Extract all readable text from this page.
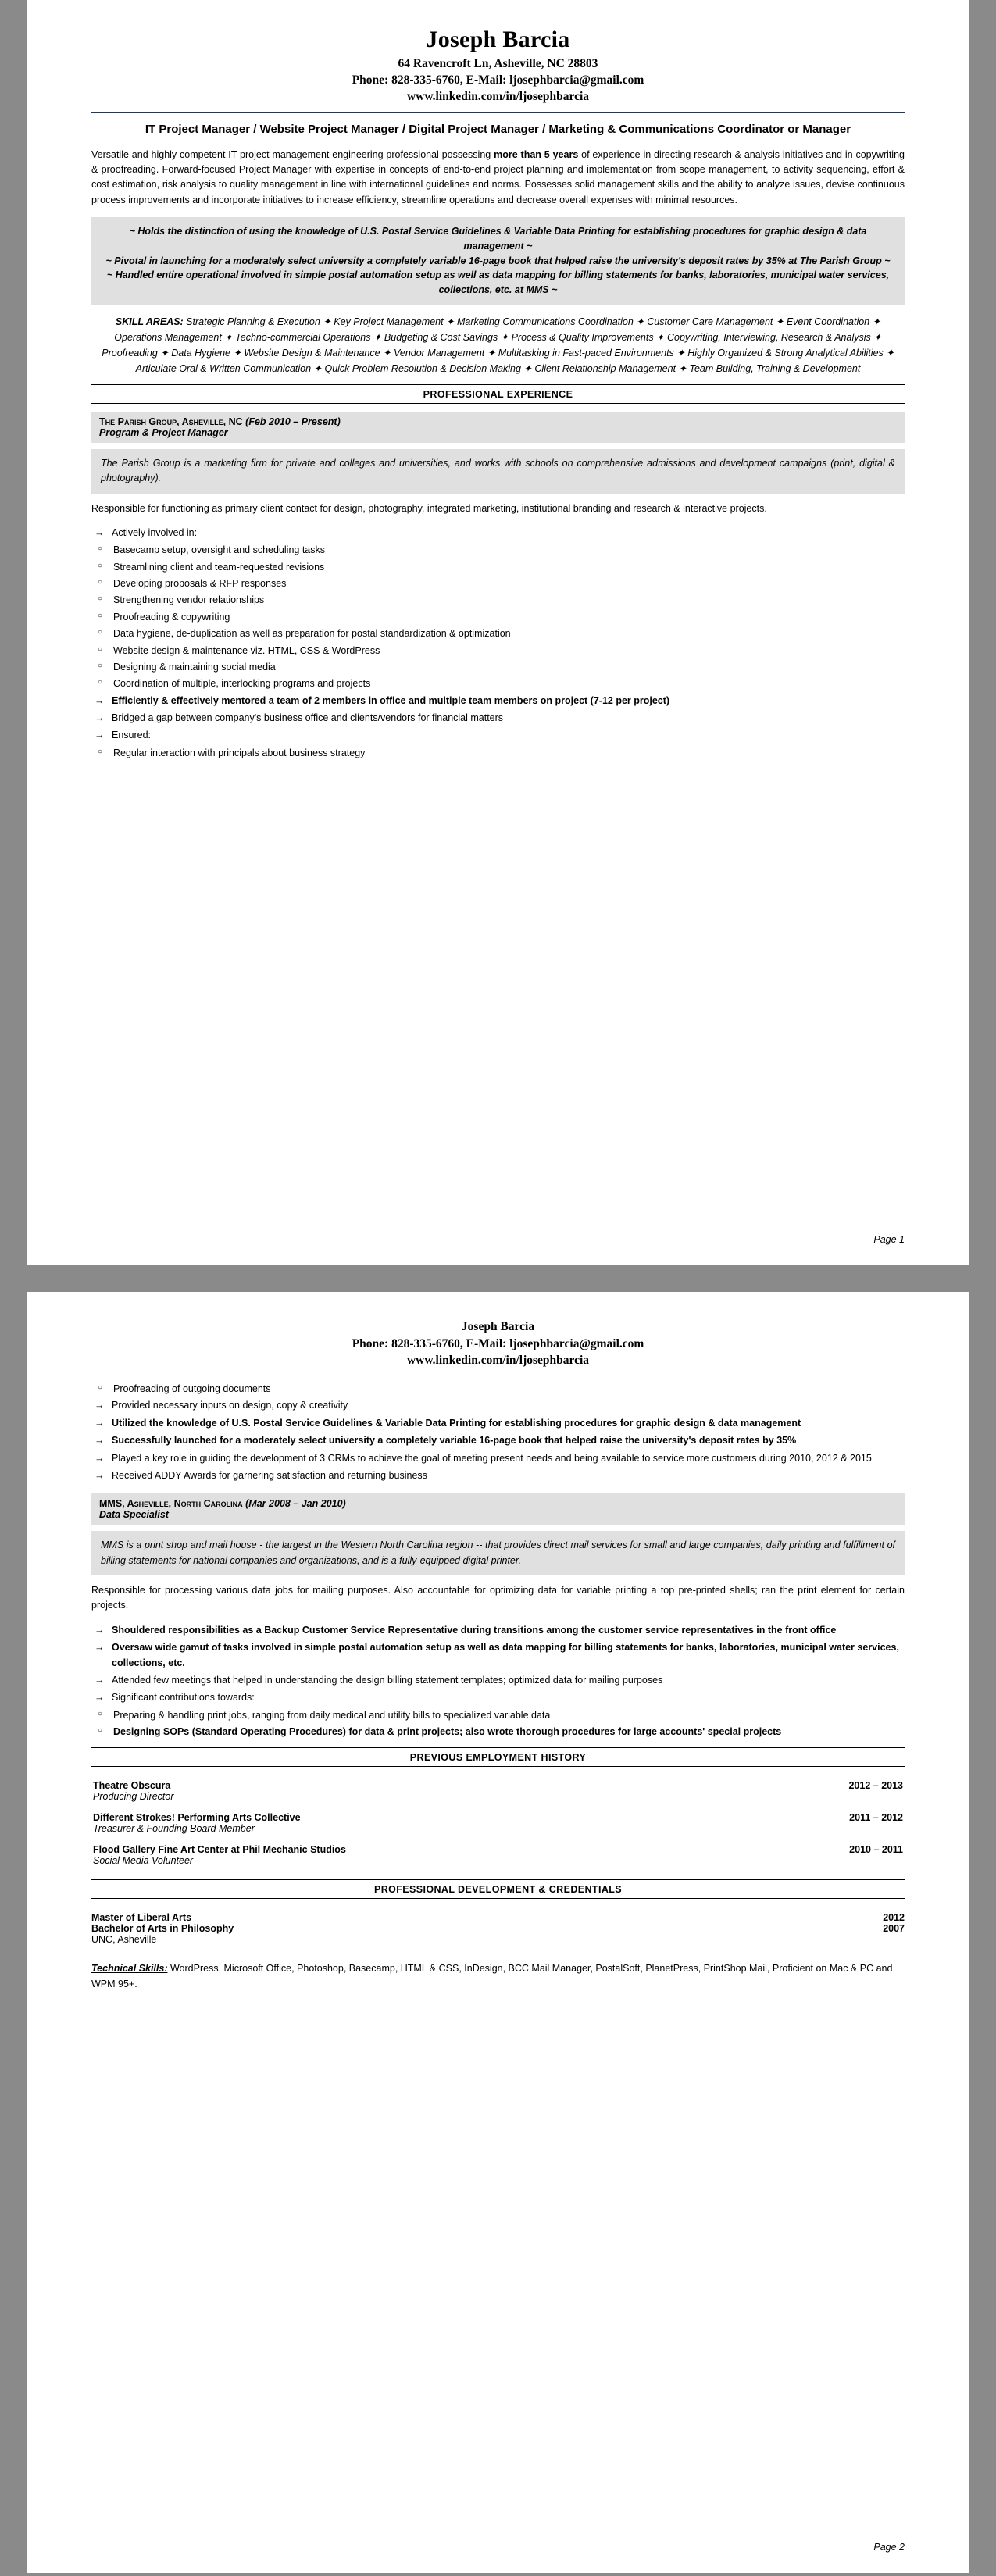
Joseph Barcia
64 Ravencroft Ln, Asheville, NC 28803
Phone: 828-335-6760, E-Mail: ljosephbarcia@gmail.com
www.linkedin.com/in/ljosephbarcia
IT Project Manager / Website Project Manager / Digital Project Manager / Marketing & Communications Coordinator or Manager

Versatile and highly competent IT project management engineering professional possessing more than 5 years of experience in directing research & analysis initiatives and in copywriting & proofreading. Forward-focused Project Manager with expertise in concepts of end-to-end project planning and implementation from scope management, to activity sequencing, effort & cost estimation, risk analysis to quality management in line with international guidelines and norms. Possesses solid management skills and the ability to analyze issues, devise continuous process improvements and incorporate initiatives to increase efficiency, streamline operations and decrease overall expenses with minimal resources.

~ Holds the distinction of using the knowledge of U.S. Postal Service Guidelines & Variable Data Printing for establishing procedures for graphic design & data management ~
~ Pivotal in launching for a moderately select university a completely variable 16-page book that helped raise the university's deposit rates by 35% at The Parish Group ~
~ Handled entire operational involved in simple postal automation setup as well as data mapping for billing statements for banks, laboratories, municipal water services, collections, etc. at MMS ~
SKILL AREAS: Strategic Planning & Execution ✦ Key Project Management ✦ Marketing Communications Coordination ✦ Customer Care Management ✦ Event Coordination ✦ Operations Management ✦ Techno-commercial Operations ✦ Budgeting & Cost Savings ✦ Process & Quality Improvements ✦ Copywriting, Interviewing, Research & Analysis ✦ Proofreading ✦ Data Hygiene ✦ Website Design & Maintenance ✦ Vendor Management ✦ Multitasking in Fast-paced Environments ✦ Highly Organized & Strong Analytical Abilities ✦ Articulate Oral & Written Communication ✦ Quick Problem Resolution & Decision Making ✦ Client Relationship Management ✦ Team Building, Training & Development
PROFESSIONAL EXPERIENCE
The Parish Group, Asheville, NC (Feb 2010 – Present)
Program & Project Manager
The Parish Group is a marketing firm for private and colleges and universities, and works with schools on comprehensive admissions and development campaigns (print, digital & photography).

Responsible for functioning as primary client contact for design, photography, integrated marketing, institutional branding and research & interactive projects.

→ Actively involved in:
○ Basecamp setup, oversight and scheduling tasks
○ Streamlining client and team-requested revisions
○ Developing proposals & RFP responses
○ Strengthening vendor relationships
○ Proofreading & copywriting
○ Data hygiene, de-duplication as well as preparation for postal standardization & optimization
○ Website design & maintenance viz. HTML, CSS & WordPress
○ Designing & maintaining social media
○ Coordination of multiple, interlocking programs and projects
→ Efficiently & effectively mentored a team of 2 members in office and multiple team members on project (7-12 per project)
→ Bridged a gap between company's business office and clients/vendors for financial matters
→ Ensured:
○ Regular interaction with principals about business strategy
Page 1
Joseph Barcia
Phone: 828-335-6760, E-Mail: ljosephbarcia@gmail.com
www.linkedin.com/in/ljosephbarcia
○ Proofreading of outgoing documents
→ Provided necessary inputs on design, copy & creativity
→ Utilized the knowledge of U.S. Postal Service Guidelines & Variable Data Printing for establishing procedures for graphic design & data management
→ Successfully launched for a moderately select university a completely variable 16-page book that helped raise the university's deposit rates by 35%
→ Played a key role in guiding the development of 3 CRMs to achieve the goal of meeting present needs and being available to service more customers during 2010, 2012 & 2015
→ Received ADDY Awards for garnering satisfaction and returning business
MMS, Asheville, North Carolina (Mar 2008 – Jan 2010)
Data Specialist
MMS is a print shop and mail house - the largest in the Western North Carolina region -- that provides direct mail services for small and large companies, daily printing and fulfillment of billing statements for national companies and organizations, and is a fully-equipped digital printer.

Responsible for processing various data jobs for mailing purposes. Also accountable for optimizing data for variable printing a top pre-printed shells; ran the print element for certain projects.

→ Shouldered responsibilities as a Backup Customer Service Representative during transitions among the customer service representatives in the front office
→ Oversaw wide gamut of tasks involved in simple postal automation setup as well as data mapping for billing statements for banks, laboratories, municipal water services, collections, etc.
→ Attended few meetings that helped in understanding the design billing statement templates; optimized data for mailing purposes
→ Significant contributions towards:
○ Preparing & handling print jobs, ranging from daily medical and utility bills to specialized variable data
○ Designing SOPs (Standard Operating Procedures) for data & print projects; also wrote thorough procedures for large accounts' special projects
PREVIOUS EMPLOYMENT HISTORY
Theatre Obscura	2012 – 2013
Producing Director
Different Strokes! Performing Arts Collective	2011 – 2012
Treasurer & Founding Board Member
Flood Gallery Fine Art Center at Phil Mechanic Studios	2010 – 2011
Social Media Volunteer
PROFESSIONAL DEVELOPMENT & CREDENTIALS
Master of Liberal Arts	2012
Bachelor of Arts in Philosophy	2007
UNC, Asheville
Technical Skills: WordPress, Microsoft Office, Photoshop, Basecamp, HTML & CSS, InDesign, BCC Mail Manager, PostalSoft, PlanetPress, PrintShop Mail, Proficient on Mac & PC and WPM 95+.
Page 2
